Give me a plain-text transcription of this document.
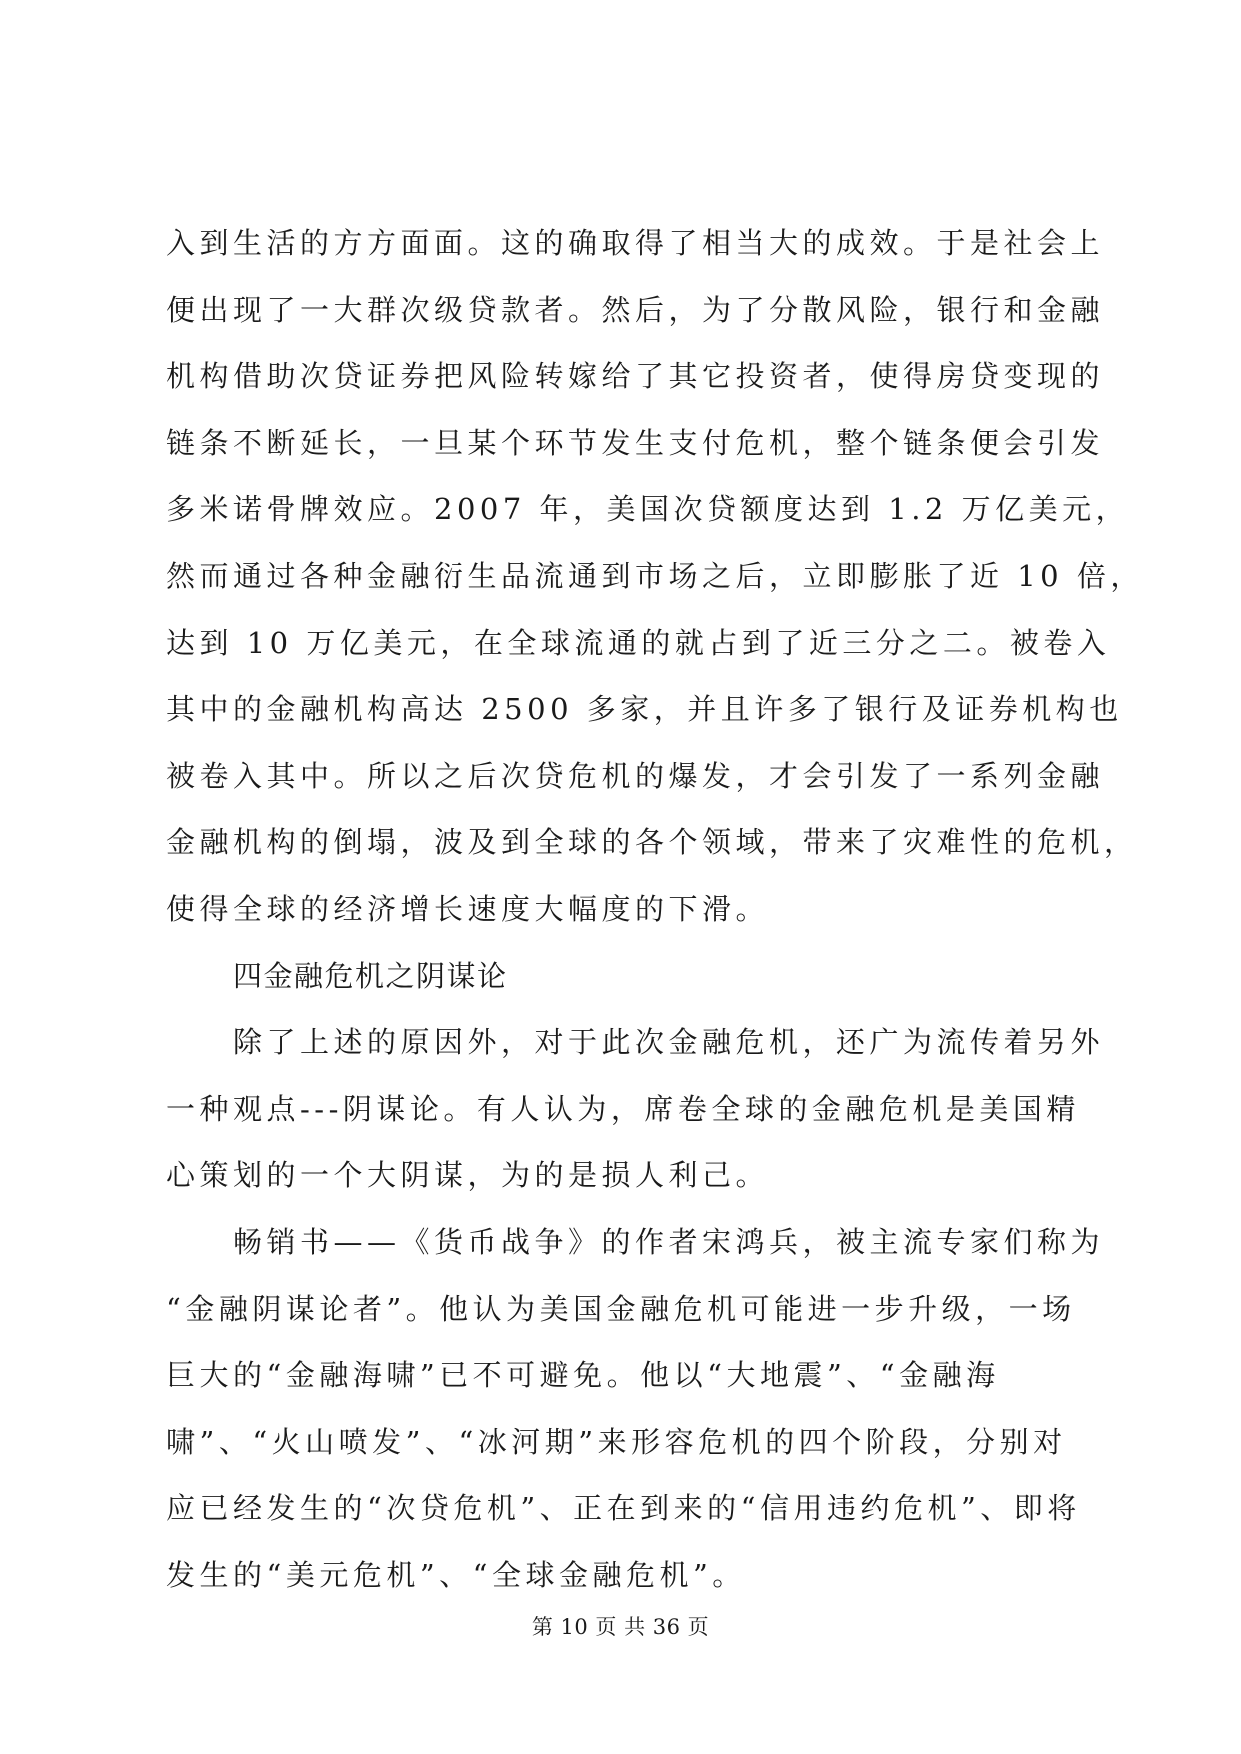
入到生活的方方面面。这的确取得了相当大的成效。于是社会上
便出现了一大群次级贷款者。然后，为了分散风险，银行和金融
机构借助次贷证券把风险转嫁给了其它投资者，使得房贷变现的
链条不断延长，一旦某个环节发生支付危机，整个链条便会引发
多米诺骨牌效应。2007 年，美国次贷额度达到 1.2 万亿美元，
然而通过各种金融衍生品流通到市场之后，立即膨胀了近 10 倍，
达到 10 万亿美元，在全球流通的就占到了近三分之二。被卷入
其中的金融机构高达 2500 多家，并且许多了银行及证券机构也
被卷入其中。所以之后次贷危机的爆发，才会引发了一系列金融
金融机构的倒塌，波及到全球的各个领域，带来了灾难性的危机，
使得全球的经济增长速度大幅度的下滑。
四金融危机之阴谋论
除了上述的原因外，对于此次金融危机，还广为流传着另外
一种观点---阴谋论。有人认为，席卷全球的金融危机是美国精
心策划的一个大阴谋，为的是损人利己。
畅销书——《货币战争》的作者宋鸿兵，被主流专家们称为
“金融阴谋论者”。他认为美国金融危机可能进一步升级，一场
巨大的“金融海啸”已不可避免。他以“大地震”、“金融海
啸”、“火山喷发”、“冰河期”来形容危机的四个阶段，分别对
应已经发生的“次贷危机”、正在到来的“信用违约危机”、即将
发生的“美元危机”、“全球金融危机”。
第 10 页 共 36 页
